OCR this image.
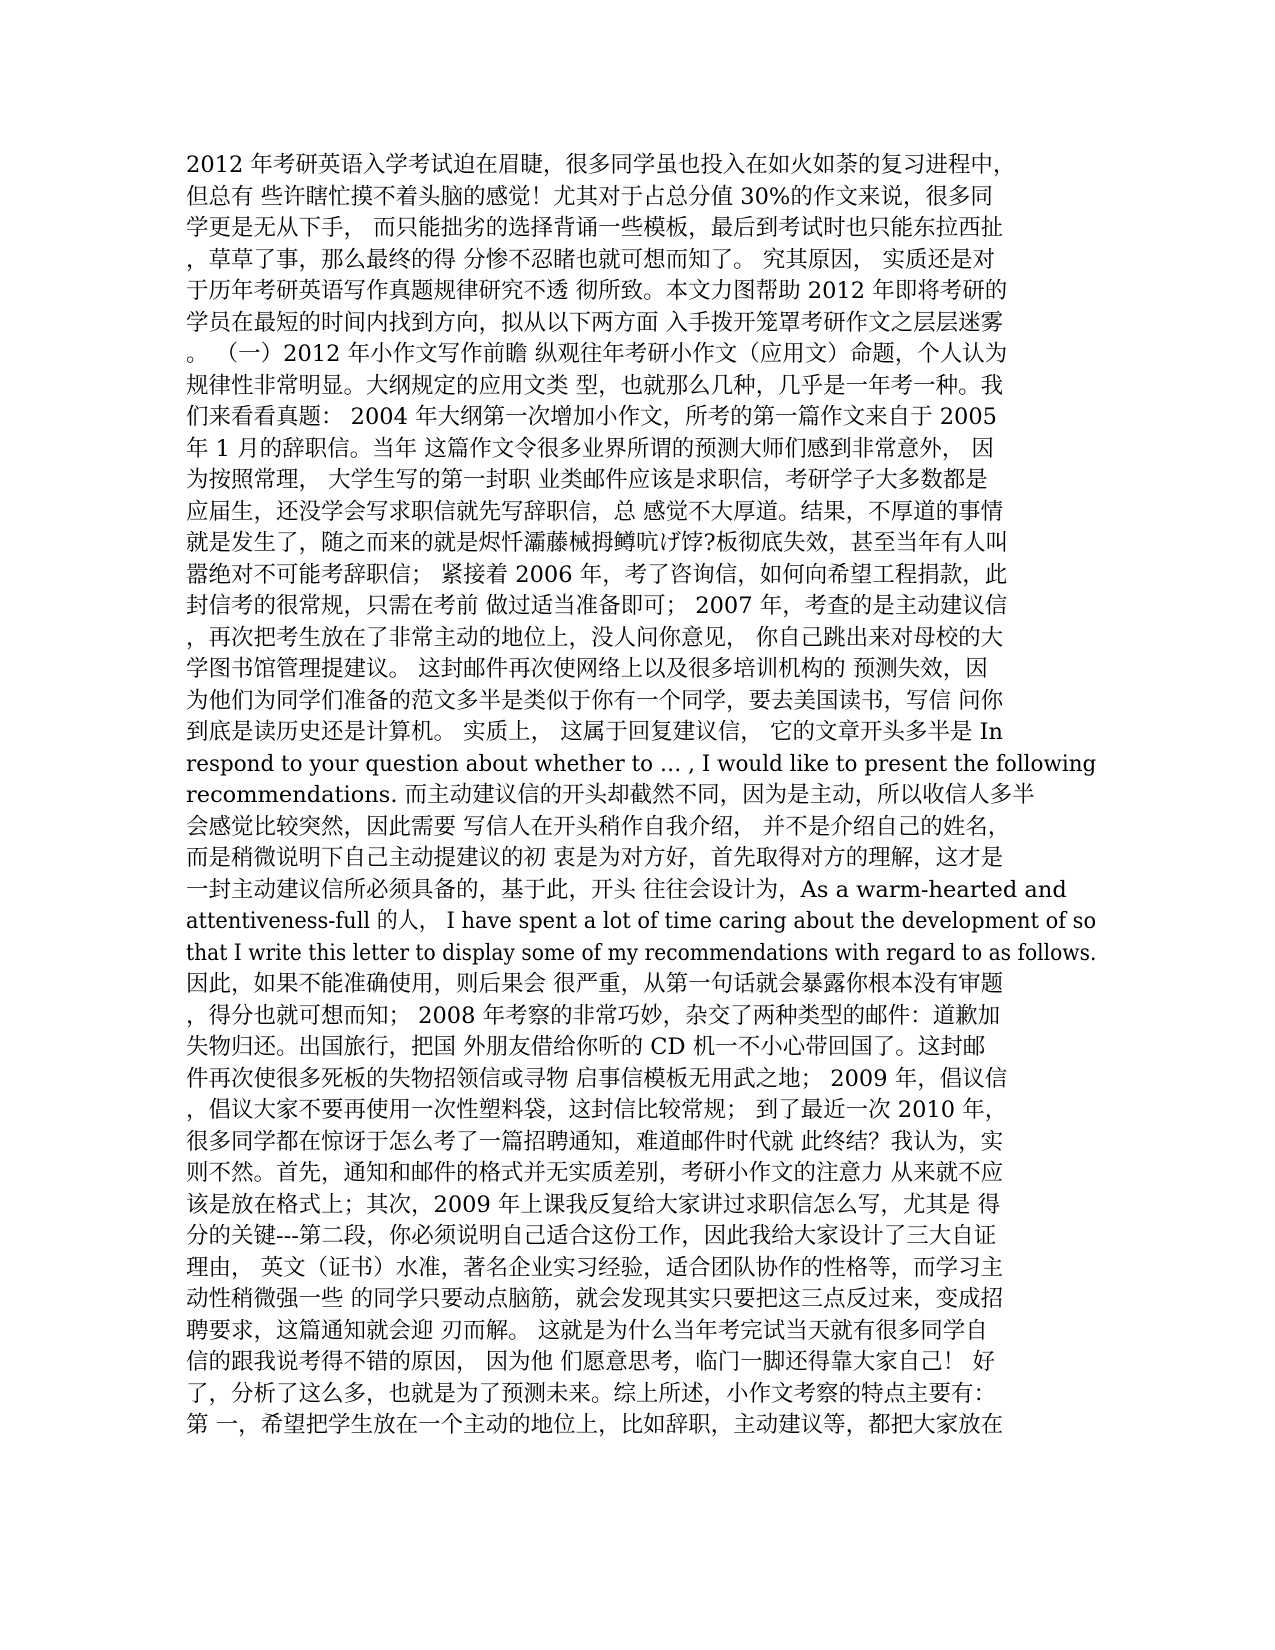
2012 年考研英语入学考试迫在眉睫，很多同学虽也投入在如火如荼的复习进程中，
但总有 些许瞎忙摸不着头脑的感觉！尤其对于占总分值 30%的作文来说，很多同
学更是无从下手， 而只能拙劣的选择背诵一些模板，最后到考试时也只能东拉西扯
，草草了事，那么最终的得 分惨不忍睹也就可想而知了。 究其原因， 实质还是对
于历年考研英语写作真题规律研究不透 彻所致。本文力图帮助 2012 年即将考研的
学员在最短的时间内找到方向，拟从以下两方面 入手拨开笼罩考研作文之层层迷雾
。 （一）2012 年小作文写作前瞻 纵观往年考研小作文（应用文）命题，个人认为
规律性非常明显。大纲规定的应用文类 型，也就那么几种，几乎是一年考一种。我
们来看看真题： 2004 年大纲第一次增加小作文，所考的第一篇作文来自于 2005
年 1 月的辞职信。当年 这篇作文令很多业界所谓的预测大师们感到非常意外， 因
为按照常理， 大学生写的第一封职 业类邮件应该是求职信，考研学子大多数都是
应届生，还没学会写求职信就先写辞职信，总 感觉不大厚道。结果，不厚道的事情
就是发生了，随之而来的就是烬忏灞藤械拇鳟吭げ饽?板彻底失效，甚至当年有人叫
嚣绝对不可能考辞职信； 紧接着 2006 年，考了咨询信，如何向希望工程捐款，此
封信考的很常规，只需在考前 做过适当准备即可； 2007 年，考查的是主动建议信
，再次把考生放在了非常主动的地位上，没人问你意见， 你自己跳出来对母校的大
学图书馆管理提建议。 这封邮件再次使网络上以及很多培训机构的 预测失效，因
为他们为同学们准备的范文多半是类似于你有一个同学，要去美国读书，写信 问你
到底是读历史还是计算机。 实质上， 这属于回复建议信， 它的文章开头多半是 In
respond to your question about whether to … , I would like to present the following
recommendations. 而主动建议信的开头却截然不同，因为是主动，所以收信人多半
会感觉比较突然，因此需要 写信人在开头稍作自我介绍， 并不是介绍自己的姓名，
而是稍微说明下自己主动提建议的初 衷是为对方好，首先取得对方的理解，这才是
一封主动建议信所必须具备的，基于此，开头 往往会设计为，As a warm-hearted and
attentiveness-full 的人， I have spent a lot of time caring about the development of so
that I write this letter to display some of my recommendations with regard to as follows.
因此，如果不能准确使用，则后果会 很严重，从第一句话就会暴露你根本没有审题
，得分也就可想而知； 2008 年考察的非常巧妙，杂交了两种类型的邮件：道歉加
失物归还。出国旅行，把国 外朋友借给你听的 CD 机一不小心带回国了。这封邮
件再次使很多死板的失物招领信或寻物 启事信模板无用武之地； 2009 年，倡议信
，倡议大家不要再使用一次性塑料袋，这封信比较常规； 到了最近一次 2010 年，
很多同学都在惊讶于怎么考了一篇招聘通知，难道邮件时代就 此终结？我认为，实
则不然。首先，通知和邮件的格式并无实质差别，考研小作文的注意力 从来就不应
该是放在格式上；其次，2009 年上课我反复给大家讲过求职信怎么写，尤其是 得
分的关键---第二段，你必须说明自己适合这份工作，因此我给大家设计了三大自证
理由， 英文（证书）水准，著名企业实习经验，适合团队协作的性格等，而学习主
动性稍微强一些 的同学只要动点脑筋，就会发现其实只要把这三点反过来，变成招
聘要求，这篇通知就会迎 刃而解。 这就是为什么当年考完试当天就有很多同学自
信的跟我说考得不错的原因， 因为他 们愿意思考，临门一脚还得靠大家自己！ 好
了，分析了这么多，也就是为了预测未来。综上所述，小作文考察的特点主要有：
第 一，希望把学生放在一个主动的地位上，比如辞职，主动建议等，都把大家放在
